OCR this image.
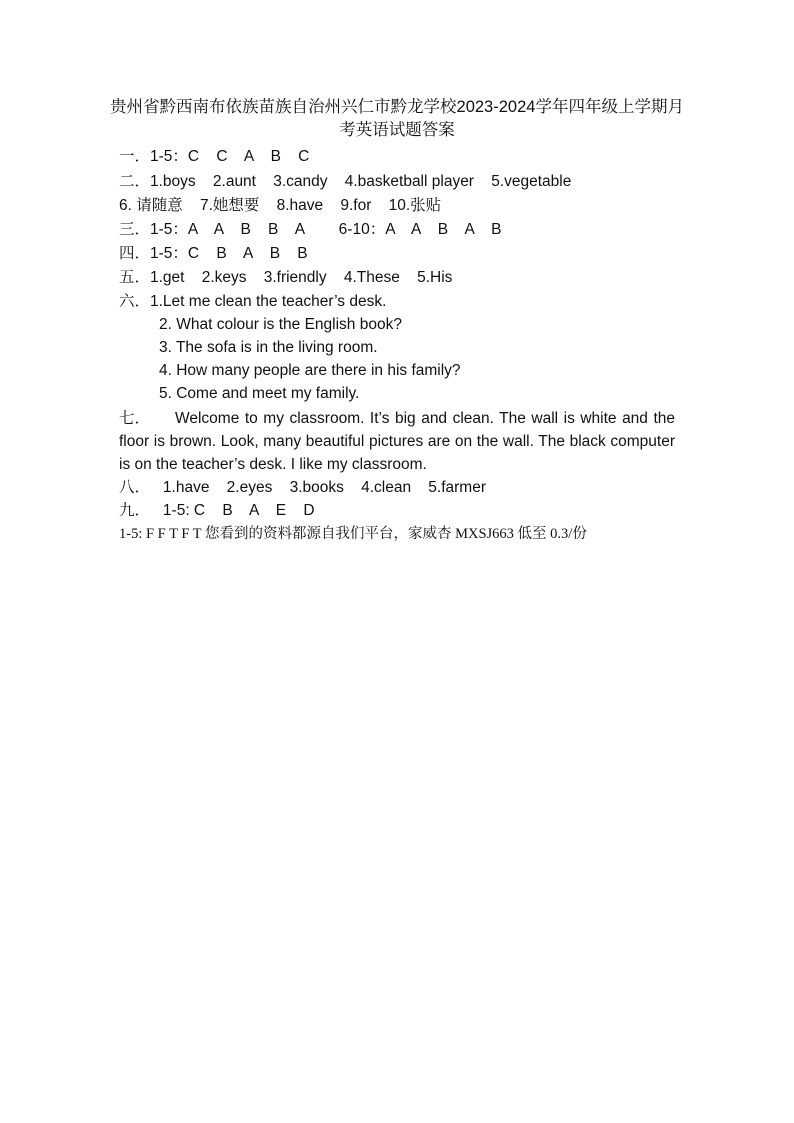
贵州省黔西南布依族苗族自治州兴仁市黔龙学校2023-2024学年四年级上学期月考英语试题答案
一．1-5：C    C    A    B    C
二．1.boys    2.aunt    3.candy    4.basketball player    5.vegetable
6. 请随意    7.她想要    8.have    9.for    10.张贴
三．1-5：A    A    B    B    A        6-10：A    A    B    A    B
四．1-5：C    B    A    B    B
五．1.get    2.keys    3.friendly    4.These    5.His
六．1.Let me clean the teacher’s desk.
2. What colour is the English book?
3. The sofa is in the living room.
4. How many people are there in his family?
5. Come and meet my family.
七． Welcome to my classroom. It’s big and clean. The wall is white and the floor is brown. Look, many beautiful pictures are on the wall. The black computer is on the teacher’s desk. I like my classroom.
八．   1.have    2.eyes    3.books    4.clean    5.farmer
九．   1-5: C    B    A    E    D
1-5: F F T F T 您看到的资料都源自我们平台，家威杏 MXSJ663 低至 0.3/份
